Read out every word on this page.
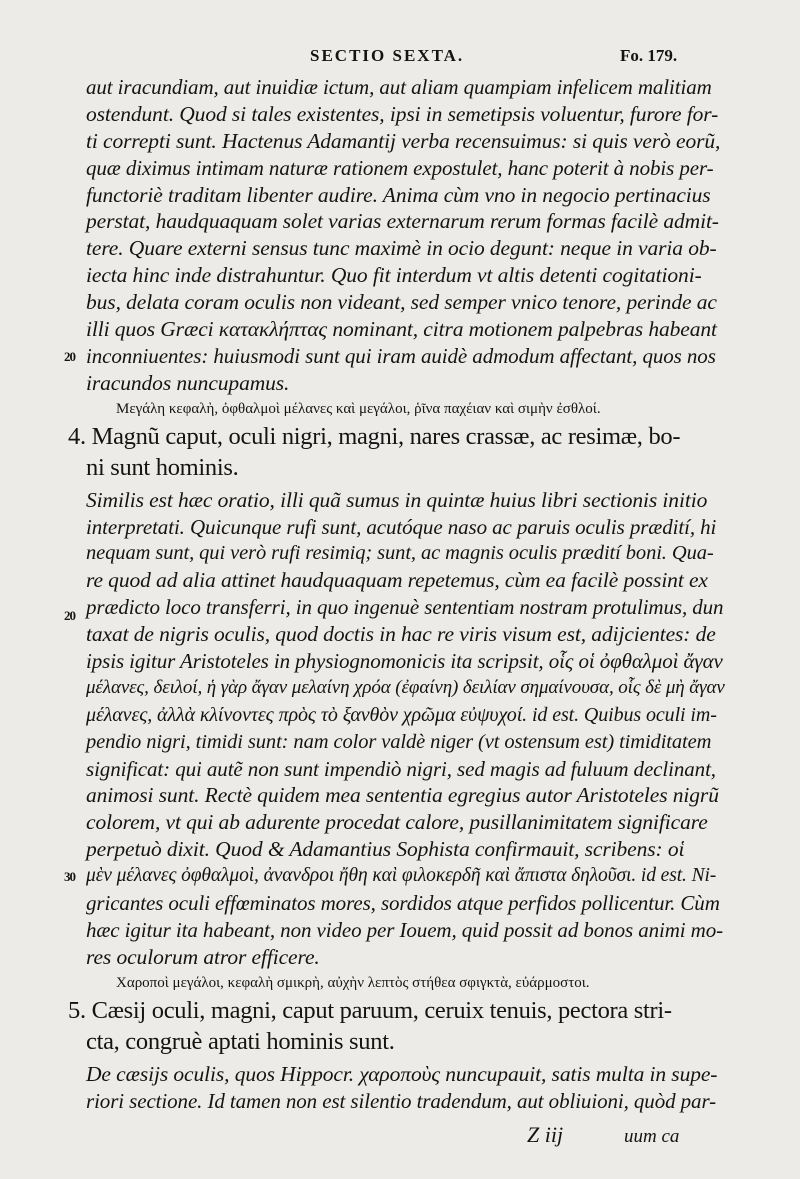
SECTIO SEXTA.	Fo. 179.
20
20
30
aut iracundiam, aut inuidiæ ictum, aut aliam quampiam infelicem malitiam
ostendunt. Quod si tales existentes, ipsi in semetipsis voluentur, furore for-
ti correpti sunt. Hactenus Adamantij verba recensuimus: si quis verò eorũ,
quæ diximus intimam naturæ rationem expostulet, hanc poterit à nobis per-
functoriè traditam libenter audire. Anima cùm vno in negocio pertinacius
perstat, haudquaquam solet varias externarum rerum formas facilè admit-
tere. Quare externi sensus tunc maximè in ocio degunt: neque in varia ob-
iecta hinc inde distrahuntur. Quo fit interdum vt altis detenti cogitationi-
bus, delata coram oculis non videant, sed semper vnico tenore, perinde ac
illi quos Græci κατακλήπτας nominant, citra motionem palpebras habeant
inconniuentes: huiusmodi sunt qui iram auidè admodum affectant, quos nos
iracundos nuncupamus.
Μεγάλη κεφαλὴ, ὀφθαλμοὶ μέλανες καὶ μεγάλοι, ῥῖνα παχέιαν καὶ σιμὴν ἐσθλοί.
4. Magnũ caput, oculi nigri, magni, nares crassæ, ac resimæ, bo-
ni sunt hominis.
Similis est hæc oratio, illi quã sumus in quintæ huius libri sectionis initio
interpretati. Quicunque rufi sunt, acutóque naso ac paruis oculis prædití, hi
nequam sunt, qui verò rufi resimiq; sunt, ac magnis oculis prædití boni. Qua-
re quod ad alia attinet haudquaquam repetemus, cùm ea facilè possint ex
prædicto loco transferri, in quo ingenuè sententiam nostram protulimus, dun
taxat de nigris oculis, quod doctis in hac re viris visum est, adijcientes: de
ipsis igitur Aristoteles in physiognomonicis ita scripsit, οἷς οἱ ὀφθαλμοὶ ἄγαν
μέλανες, δειλοί, ἡ γὰρ ἄγαν μελαίνη χρόα (ἐφαίνη) δειλίαν σημαίνουσα, οἷς δὲ μὴ ἄγαν
μέλανες, ἀλλὰ κλίνοντες πρὸς τὸ ξανθὸν χρῶμα εὐψυχοί. id est. Quibus oculi im-
pendio nigri, timidi sunt: nam color valdè niger (vt ostensum est) timiditatem
significat: qui autẽ non sunt impendiò nigri, sed magis ad fuluum declinant,
animosi sunt. Rectè quidem mea sententia egregius autor Aristoteles nigrũ
colorem, vt qui ab adurente procedat calore, pusillanimitatem significare
perpetuò dixit. Quod & Adamantius Sophista confirmauit, scribens: οἱ
μὲν μέλανες ὀφθαλμοὶ, ἀνανδροι ἤθη καὶ φιλοκερδῆ καὶ ἄπιστα δηλοῦσι. id est. Ni-
gricantes oculi effœminatos mores, sordidos atque perfidos pollicentur. Cùm
hæc igitur ita habeant, non video per Iouem, quid possit ad bonos animi mo-
res oculorum atror efficere.
Χαροποὶ μεγάλοι, κεφαλὴ σμικρὴ, αὐχὴν λεπτὸς στήθεα σφιγκτὰ, εὐάρμοστοι.
5. Cæsij oculi, magni, caput paruum, ceruix tenuis, pectora stri-
cta, congruè aptati hominis sunt.
De cæsijs oculis, quos Hippocr. χαροποὺς nuncupauit, satis multa in supe-
riori sectione. Id tamen non est silentio tradendum, aut obliuioni, quòd par-
Z iij	uum ca
